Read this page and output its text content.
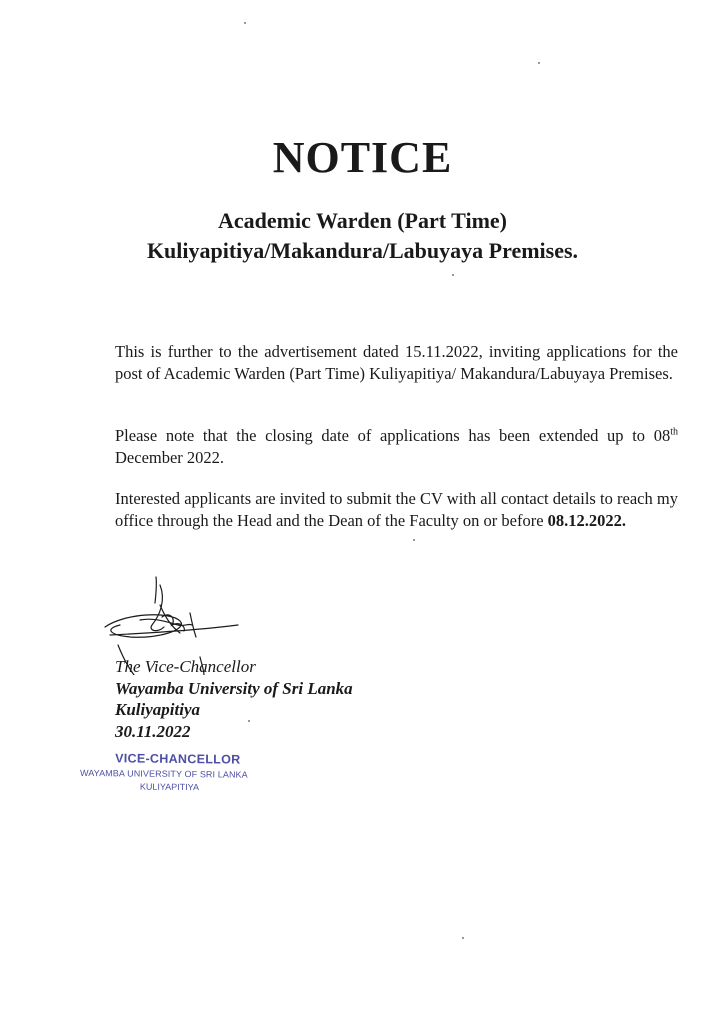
NOTICE

Academic Warden (Part Time)

Kuliyapitiya/Makandura/Labuyaya Premises.

This is further to the advertisement dated 15.11.2022, inviting applications for the post of Academic Warden (Part Time) Kuliyapitiya/ Makandura/Labuyaya Premises.

Please note that the closing date of applications has been extended up to 08th December 2022.

Interested applicants are invited to submit the CV with all contact details to reach my office through the Head and the Dean of the Faculty on or before 08.12.2022.

The Vice-Chancellor
Wayamba University of Sri Lanka
Kuliyapitiya
30.11.2022
VICE-CHANCELLOR
WAYAMBA UNIVERSITY OF SRI LANKA
KULIYAPITIYA
